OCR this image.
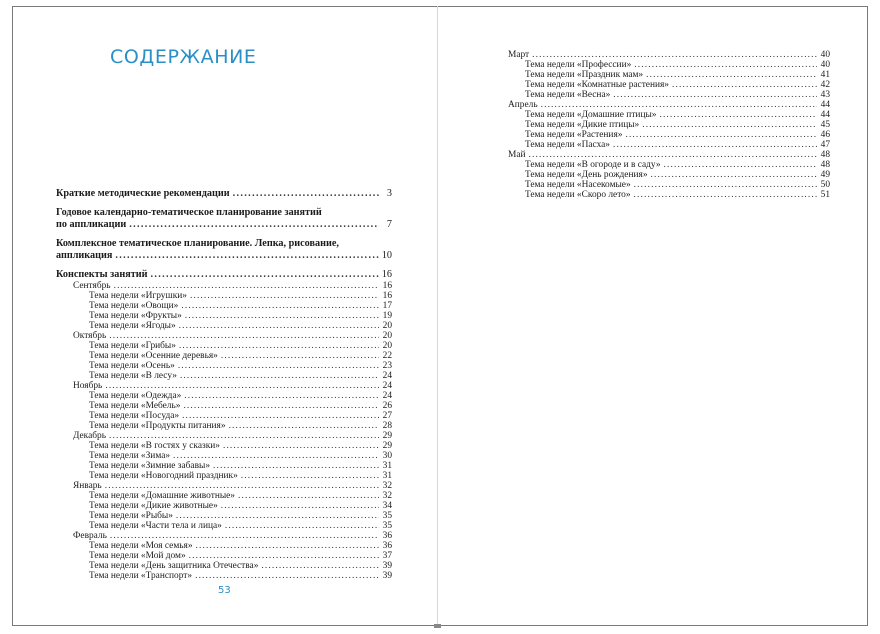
СОДЕРЖАНИЕ
Краткие методические рекомендации . . .	3
Годовое календарно-тематическое планирование занятий
по аппликации . . .	7
Комплексное тематическое планирование. Лепка, рисование,
аппликация . . .	10
Конспекты занятий . . .	16
Сентябрь . . .	16
Тема недели «Игрушки» . . .	16
Тема недели «Овощи» . . .	17
Тема недели «Фрукты» . . .	19
Тема недели «Ягоды» . . .	20
Октябрь . . .	20
Тема недели «Грибы» . . .	20
Тема недели «Осенние деревья» . . .	22
Тема недели «Осень» . . .	23
Тема недели «В лесу» . . .	24
Ноябрь . . .	24
Тема недели «Одежда» . . .	24
Тема недели «Мебель» . . .	26
Тема недели «Посуда» . . .	27
Тема недели «Продукты питания» . . .	28
Декабрь . . .	29
Тема недели «В гостях у сказки» . . .	29
Тема недели «Зима» . . .	30
Тема недели «Зимние забавы» . . .	31
Тема недели «Новогодний праздник» . . .	31
Январь . . .	32
Тема недели «Домашние животные» . . .	32
Тема недели «Дикие животные» . . .	34
Тема недели «Рыбы» . . .	35
Тема недели «Части тела и лица» . . .	35
Февраль . . .	36
Тема недели «Моя семья» . . .	36
Тема недели «Мой дом» . . .	37
Тема недели «День защитника Отечества» . . .	39
Тема недели «Транспорт» . . .	39
Март . . .	40
Тема недели «Профессии» . . .	40
Тема недели «Праздник мам» . . .	41
Тема недели «Комнатные растения» . . .	42
Тема недели «Весна» . . .	43
Апрель . . .	44
Тема недели «Домашние птицы» . . .	44
Тема недели «Дикие птицы» . . .	45
Тема недели «Растения» . . .	46
Тема недели «Пасха» . . .	47
Май . . .	48
Тема недели «В огороде и в саду» . . .	48
Тема недели «День рождения» . . .	49
Тема недели «Насекомые» . . .	50
Тема недели «Скоро лето» . . .	51
53
